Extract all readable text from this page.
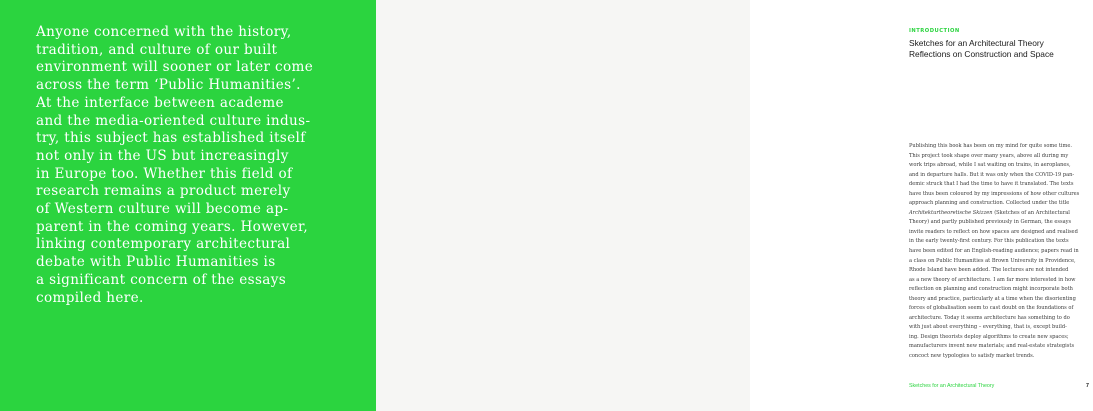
Anyone concerned with the history,
tradition, and culture of our built
environment will sooner or later come
across the term ‘Public Humanities’.
At the interface between academe
and the media-oriented culture indus-
try, this subject has established itself
not only in the US but increasingly
in Europe too. Whether this field of
research remains a product merely
of Western culture will become ap-
parent in the coming years. However,
linking contemporary architectural
debate with Public Humanities is
a significant concern of the essays
compiled here.

INTRODUCTION
Sketches for an Architectural Theory
Reflections on Construction and Space

Publishing this book has been on my mind for quite some time.
This project took shape over many years, above all during my
work trips abroad, while I sat waiting on trains, in aeroplanes,
and in departure halls. But it was only when the COVID-19 pan-
demic struck that I had the time to have it translated. The texts
have thus been coloured by my impressions of how other cultures
approach planning and construction. Collected under the title
Architekturtheoretische Skizzen (Sketches of an Architectural
Theory) and partly published previously in German, the essays
invite readers to reflect on how spaces are designed and realised
in the early twenty-first century. For this publication the texts
have been edited for an English-reading audience; papers read in
a class on Public Humanities at Brown University in Providence,
Rhode Island have been added. The lectures are not intended
as a new theory of architecture. I am far more interested in how
reflection on planning and construction might incorporate both
theory and practice, particularly at a time when the disorienting
forces of globalisation seem to cast doubt on the foundations of
architecture. Today it seems architecture has something to do
with just about everything – everything, that is, except build-
ing. Design theorists deploy algorithms to create new spaces;
manufacturers invent new materials; and real-estate strategists
concoct new typologies to satisfy market trends.

Sketches for an Architectural Theory	7
